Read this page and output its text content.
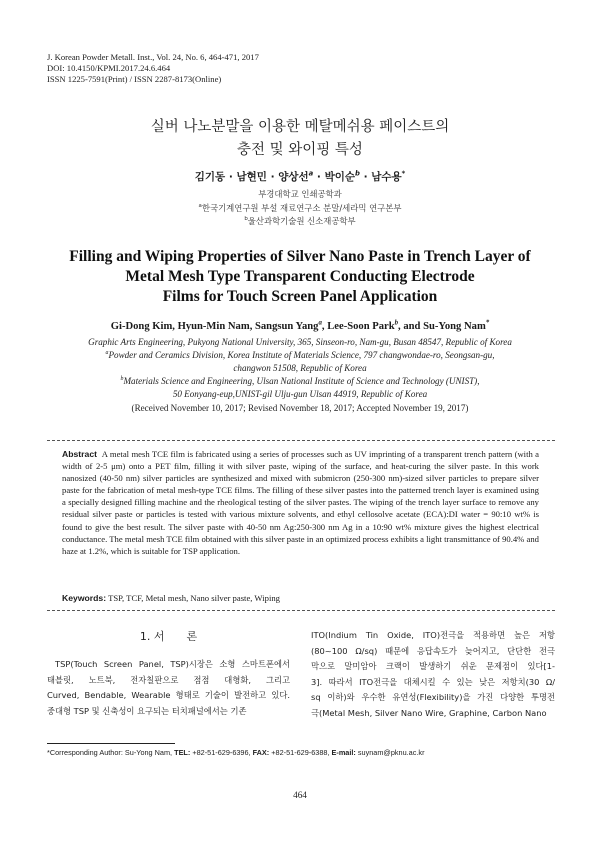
J. Korean Powder Metall. Inst., Vol. 24, No. 6, 464-471, 2017
DOI: 10.4150/KPMI.2017.24.6.464
ISSN 1225-7591(Print) / ISSN 2287-8173(Online)
실버 나노분말을 이용한 메탈메쉬용 페이스트의
충전 및 와이핑 특성
김기동 · 남현민 · 양상선$^a$ · 박이순$^b$ · 남수용*
부경대학교 인쇄공학과
$^a$한국기계연구원 부설 재료연구소 분말/세라믹 연구본부
$^b$울산과학기술원 신소재공학부
Filling and Wiping Properties of Silver Nano Paste in Trench Layer of
Metal Mesh Type Transparent Conducting Electrode
Films for Touch Screen Panel Application
Gi-Dong Kim, Hyun-Min Nam, Sangsun Yang$^a$, Lee-Soon Park$^b$, and Su-Yong Nam*
Graphic Arts Engineering, Pukyong National University, 365, Sinseon-ro, Nam-gu, Busan 48547, Republic of Korea
$^a$Powder and Ceramics Division, Korea Institute of Materials Science, 797 changwondae-ro, Seongsan-gu,
changwon 51508, Republic of Korea
$^b$Materials Science and Engineering, Ulsan National Institute of Science and Technology (UNIST),
50 Eonyang-eup,UNIST-gil Ulju-gun Ulsan 44919, Republic of Korea
(Received November 10, 2017; Revised November 18, 2017; Accepted November 19, 2017)
Abstract A metal mesh TCE film is fabricated using a series of processes such as UV imprinting of a transparent trench pattern (with a width of 2-5 μm) onto a PET film, filling it with silver paste, wiping of the surface, and heat-curing the silver paste. In this work nanosized (40-50 nm) silver particles are synthesized and mixed with submicron (250-300 nm)-sized silver particles to prepare silver paste for the fabrication of metal mesh-type TCE films. The filling of these silver pastes into the patterned trench layer is examined using a specially designed filling machine and the rheological testing of the silver pastes. The wiping of the trench layer surface to remove any residual silver paste or particles is tested with various mixture solvents, and ethyl cellosolve acetate (ECA):DI water = 90:10 wt% is found to give the best result. The silver paste with 40-50 nm Ag:250-300 nm Ag in a 10:90 wt% mixture gives the highest electrical conductance. The metal mesh TCE film obtained with this silver paste in an optimized process exhibits a light transmittance of 90.4% and haze at 1.2%, which is suitable for TSP application.
Keywords: TSP, TCF, Metal mesh, Nano silver paste, Wiping
1. 서　　론
TSP(Touch Screen Panel, TSP)시장은 소형 스마트폰에서
태블릿, 노트북, 전자칠판으로 점점 대형화, 그리고
Curved, Bendable, Wearable 형태로 기술이 발전하고 있다.
중대형 TSP 및 신축성이 요구되는 터치패널에서는 기존
ITO(Indium Tin Oxide, ITO)전극을 적용하면 높은 저항
(80~100 Ω/sq) 때문에 응답속도가 늦어지고, 단단한 전극
막으로 말미암아 크랙이 발생하기 쉬운 문제점이 있다[1-
3]. 따라서 ITO전극을 대체시킬 수 있는 낮은 저항치(30 Ω/
sq 이하)와 우수한 유연성(Flexibility)을 가진 다양한 투명전
극(Metal Mesh, Silver Nano Wire, Graphine, Carbon Nano
*Corresponding Author: Su-Yong Nam, TEL: +82-51-629-6396, FAX: +82-51-629-6388, E-mail: suynam@pknu.ac.kr
464
